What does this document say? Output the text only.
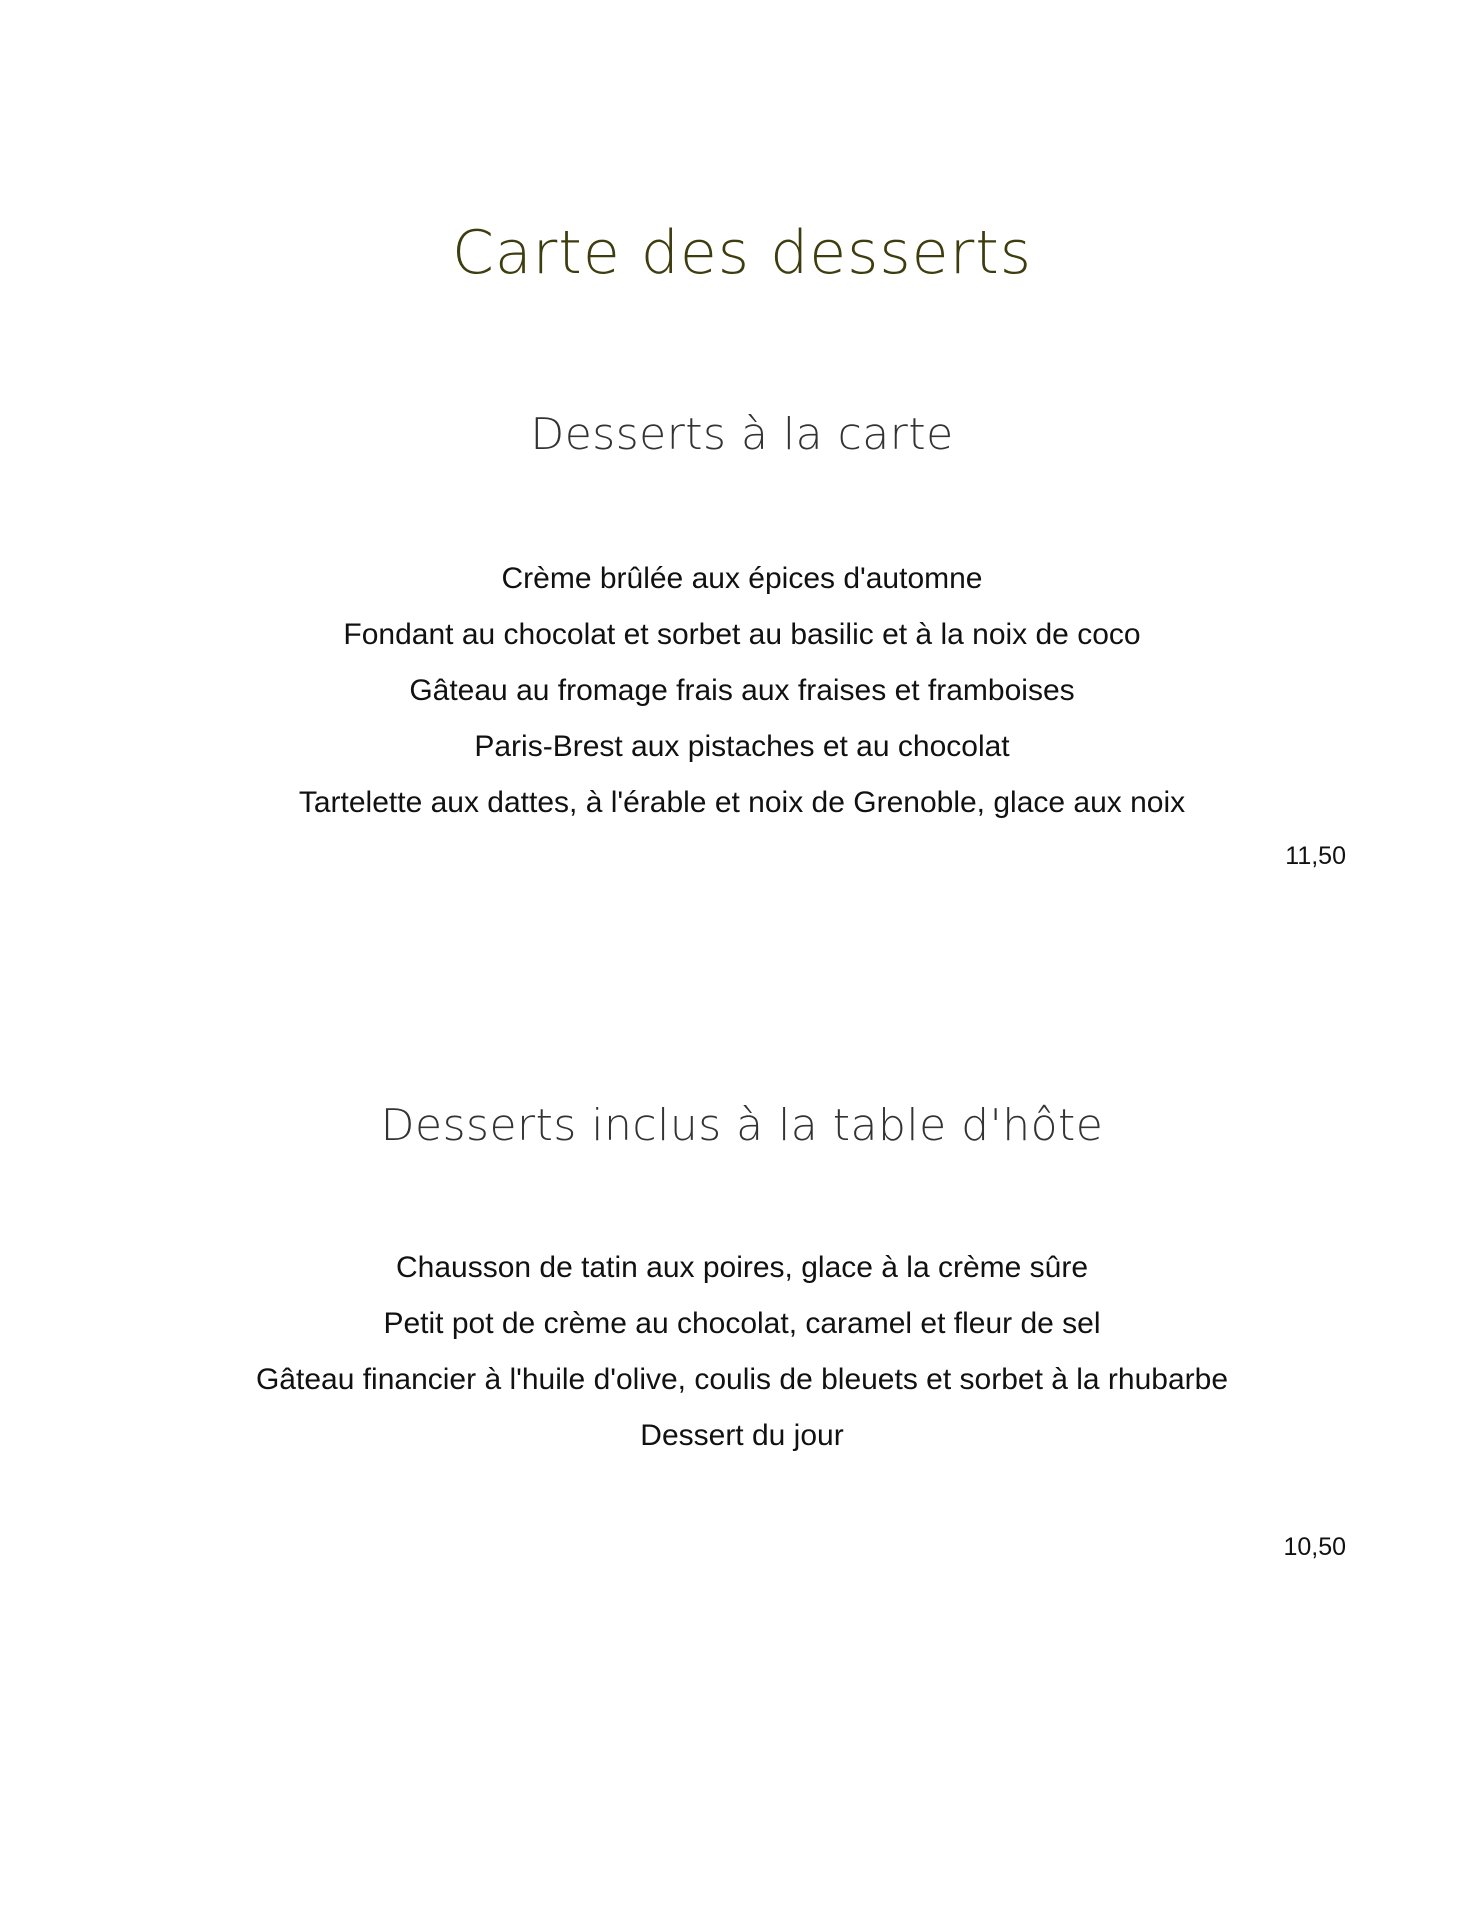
Carte des desserts
Desserts à la carte
Crème brûlée aux épices d'automne
Fondant au chocolat et sorbet au basilic et à la noix de coco
Gâteau au fromage frais aux fraises et framboises
Paris-Brest aux pistaches et au chocolat
Tartelette aux dattes, à l'érable et noix de Grenoble, glace aux noix
11,50
Desserts inclus à la table d'hôte
Chausson de tatin aux poires, glace à la crème sûre
Petit pot de crème au chocolat, caramel et fleur de sel
Gâteau financier à l'huile d'olive, coulis de bleuets et sorbet à la rhubarbe
Dessert du jour
10,50
